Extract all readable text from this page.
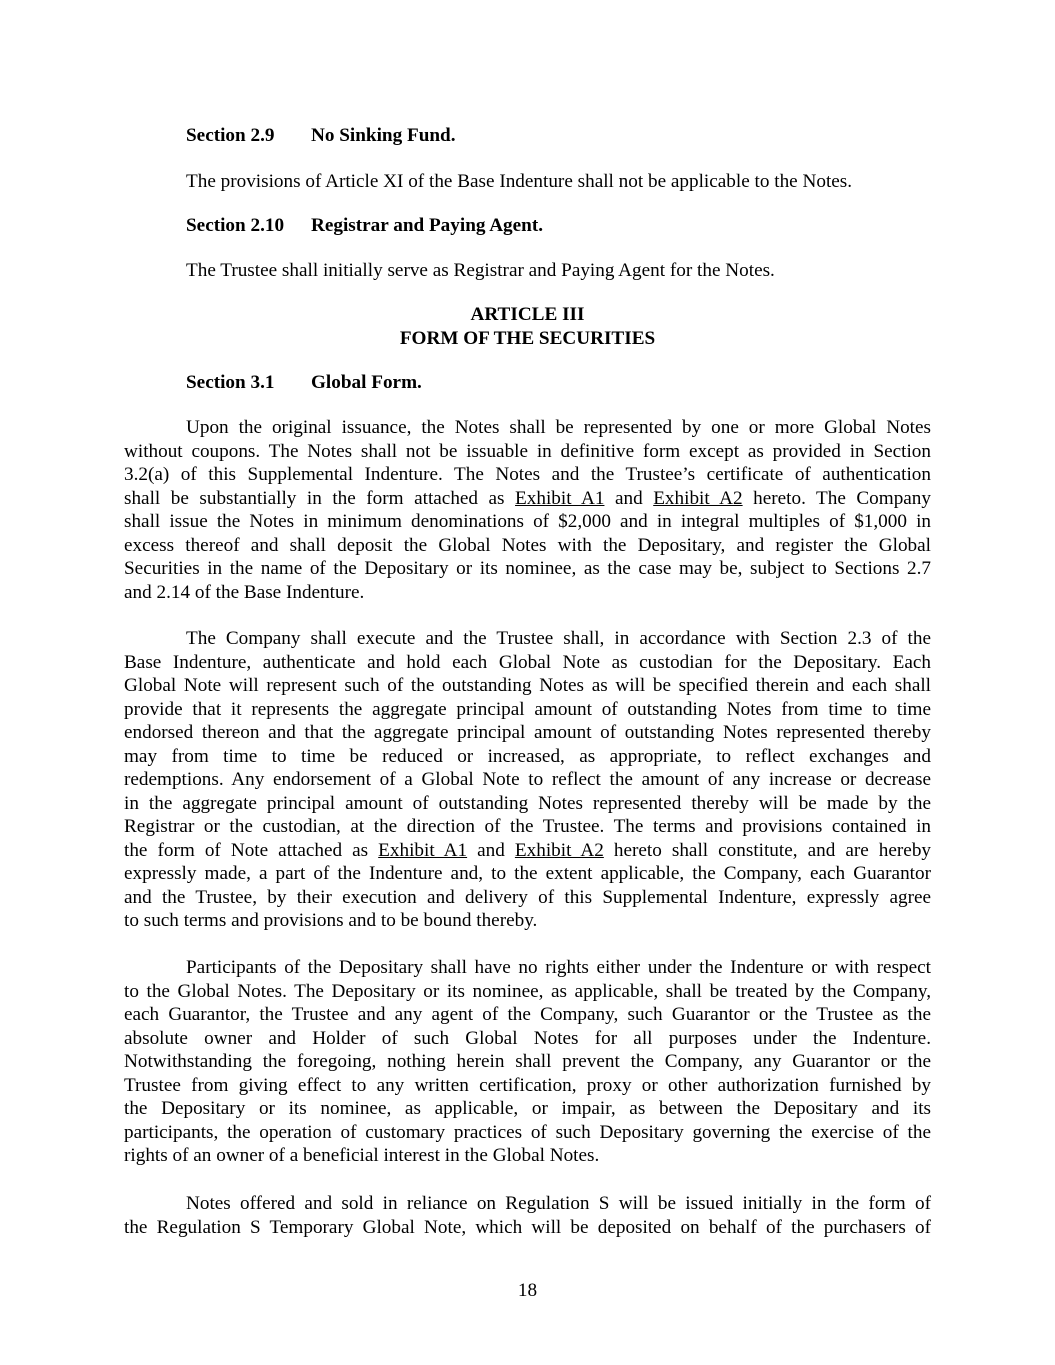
Section 2.9 No Sinking Fund.
The provisions of Article XI of the Base Indenture shall not be applicable to the Notes.
Section 2.10 Registrar and Paying Agent.
The Trustee shall initially serve as Registrar and Paying Agent for the Notes.
ARTICLE III
FORM OF THE SECURITIES
Section 3.1 Global Form.
Upon the original issuance, the Notes shall be represented by one or more Global Notes
without coupons. The Notes shall not be issuable in definitive form except as provided in Section
3.2(a) of this Supplemental Indenture. The Notes and the Trustee’s certificate of authentication
shall be substantially in the form attached as Exhibit A1 and Exhibit A2 hereto. The Company
shall issue the Notes in minimum denominations of $2,000 and in integral multiples of $1,000 in
excess thereof and shall deposit the Global Notes with the Depositary, and register the Global
Securities in the name of the Depositary or its nominee, as the case may be, subject to Sections 2.7
and 2.14 of the Base Indenture.
The Company shall execute and the Trustee shall, in accordance with Section 2.3 of the
Base Indenture, authenticate and hold each Global Note as custodian for the Depositary. Each
Global Note will represent such of the outstanding Notes as will be specified therein and each shall
provide that it represents the aggregate principal amount of outstanding Notes from time to time
endorsed thereon and that the aggregate principal amount of outstanding Notes represented thereby
may from time to time be reduced or increased, as appropriate, to reflect exchanges and
redemptions. Any endorsement of a Global Note to reflect the amount of any increase or decrease
in the aggregate principal amount of outstanding Notes represented thereby will be made by the
Registrar or the custodian, at the direction of the Trustee. The terms and provisions contained in
the form of Note attached as Exhibit A1 and Exhibit A2 hereto shall constitute, and are hereby
expressly made, a part of the Indenture and, to the extent applicable, the Company, each Guarantor
and the Trustee, by their execution and delivery of this Supplemental Indenture, expressly agree
to such terms and provisions and to be bound thereby.
Participants of the Depositary shall have no rights either under the Indenture or with respect
to the Global Notes. The Depositary or its nominee, as applicable, shall be treated by the Company,
each Guarantor, the Trustee and any agent of the Company, such Guarantor or the Trustee as the
absolute owner and Holder of such Global Notes for all purposes under the Indenture.
Notwithstanding the foregoing, nothing herein shall prevent the Company, any Guarantor or the
Trustee from giving effect to any written certification, proxy or other authorization furnished by
the Depositary or its nominee, as applicable, or impair, as between the Depositary and its
participants, the operation of customary practices of such Depositary governing the exercise of the
rights of an owner of a beneficial interest in the Global Notes.
Notes offered and sold in reliance on Regulation S will be issued initially in the form of
the Regulation S Temporary Global Note, which will be deposited on behalf of the purchasers of
18
